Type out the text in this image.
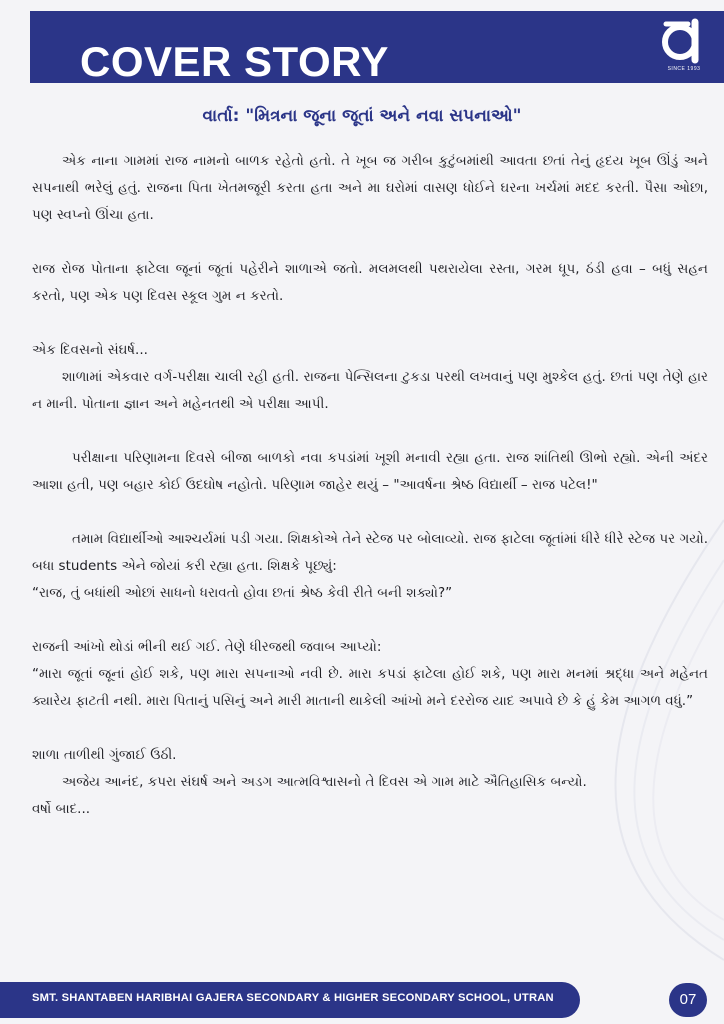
COVER STORY	SINCE 1993
વાર્તા: "મિત્રના જૂના જૂતાં અને નવા સપનાઓ"

એક નાના ગામમાં રાજ નામનો બાળક રહેતો હતો. તે ખૂબ જ ગરીબ કુટુંબમાંથી આવતા છતાં તેનું હૃદય ખૂબ ઊંડું અને સપનાથી ભરેલું હતું. રાજના પિતા ખેતમજૂરી કરતા હતા અને મા ઘરોમાં વાસણ ધોઈને ઘરના ખર્ચમાં મદદ કરતી. પૈસા ઓછા, પણ સ્વપ્નો ઊંચા હતા.

રાજ રોજ પોતાના ફાટેલા જૂનાં જૂતાં પહેરીને શાળાએ જતો. મલમલથી પથરાયેલા રસ્તા, ગરમ ધૂપ, ઠંડી હવા – બધું સહન કરતો, પણ એક પણ દિવસ સ્કૂલ ગુમ ન કરતો.

એક દિવસનો સંઘર્ષ...

શાળામાં એકવાર વર્ગ-પરીક્ષા ચાલી રહી હતી. રાજના પેન્સિલના ટુકડા પરથી લખવાનું પણ મુશ્કેલ હતું. છતાં પણ તેણે હાર ન માની. પોતાના જ્ઞાન અને મહેનતથી એ પરીક્ષા આપી.

પરીક્ષાના પરિણામના દિવસે બીજા બાળકો નવા કપડાંમાં ખૂશી મનાવી રહ્યા હતા. રાજ શાંતિથી ઊભો રહ્યો. એની અંદર આશા હતી, પણ બહાર કોઈ ઉદઘોષ નહોતો. પરિણામ જાહેર થયું – "આવર્ષના શ્રેષ્ઠ વિદ્યાર્થી – રાજ પટેલ!"

તમામ વિદ્યાર્થીઓ આશ્ચર્યમાં પડી ગયા. શિક્ષકોએ તેને સ્ટેજ પર બોલાવ્યો. રાજ ફાટેલા જૂતાંમાં ધીરે ધીરે સ્ટેજ પર ગયો. બધા students એને જોયાં કરી રહ્યા હતા. શિક્ષકે પૂછ્યું:

“રાજ, તું બધાંથી ઓછાં સાધનો ધરાવતો હોવા છતાં શ્રેષ્ઠ કેવી રીતે બની શક્યો?”

રાજની આંખો થોડાં ભીની થઈ ગઈ. તેણે ધીરજથી જવાબ આપ્યો:

“મારા જૂતાં જૂનાં હોઈ શકે, પણ મારા સપનાઓ નવી છે. મારા કપડાં ફાટેલા હોઈ શકે, પણ મારા મનમાં શ્રદ્ધા અને મહેનત ક્યારેય ફાટતી નથી. મારા પિતાનું પસિનું અને મારી માતાની થાકેલી આંખો મને દરરોજ યાદ અપાવે છે કે હું કેમ આગળ વધું.”

શાળા તાળીથી ગુંજાઈ ઉઠી.

અજેય આનંદ, કપરા સંઘર્ષ અને અડગ આત્મવિશ્વાસનો તે દિવસ એ ગામ માટે ઐતિહાસિક બન્યો.

વર્ષો બાદ...

SMT. SHANTABEN HARIBHAI GAJERA SECONDARY & HIGHER SECONDARY SCHOOL, UTRAN	07
